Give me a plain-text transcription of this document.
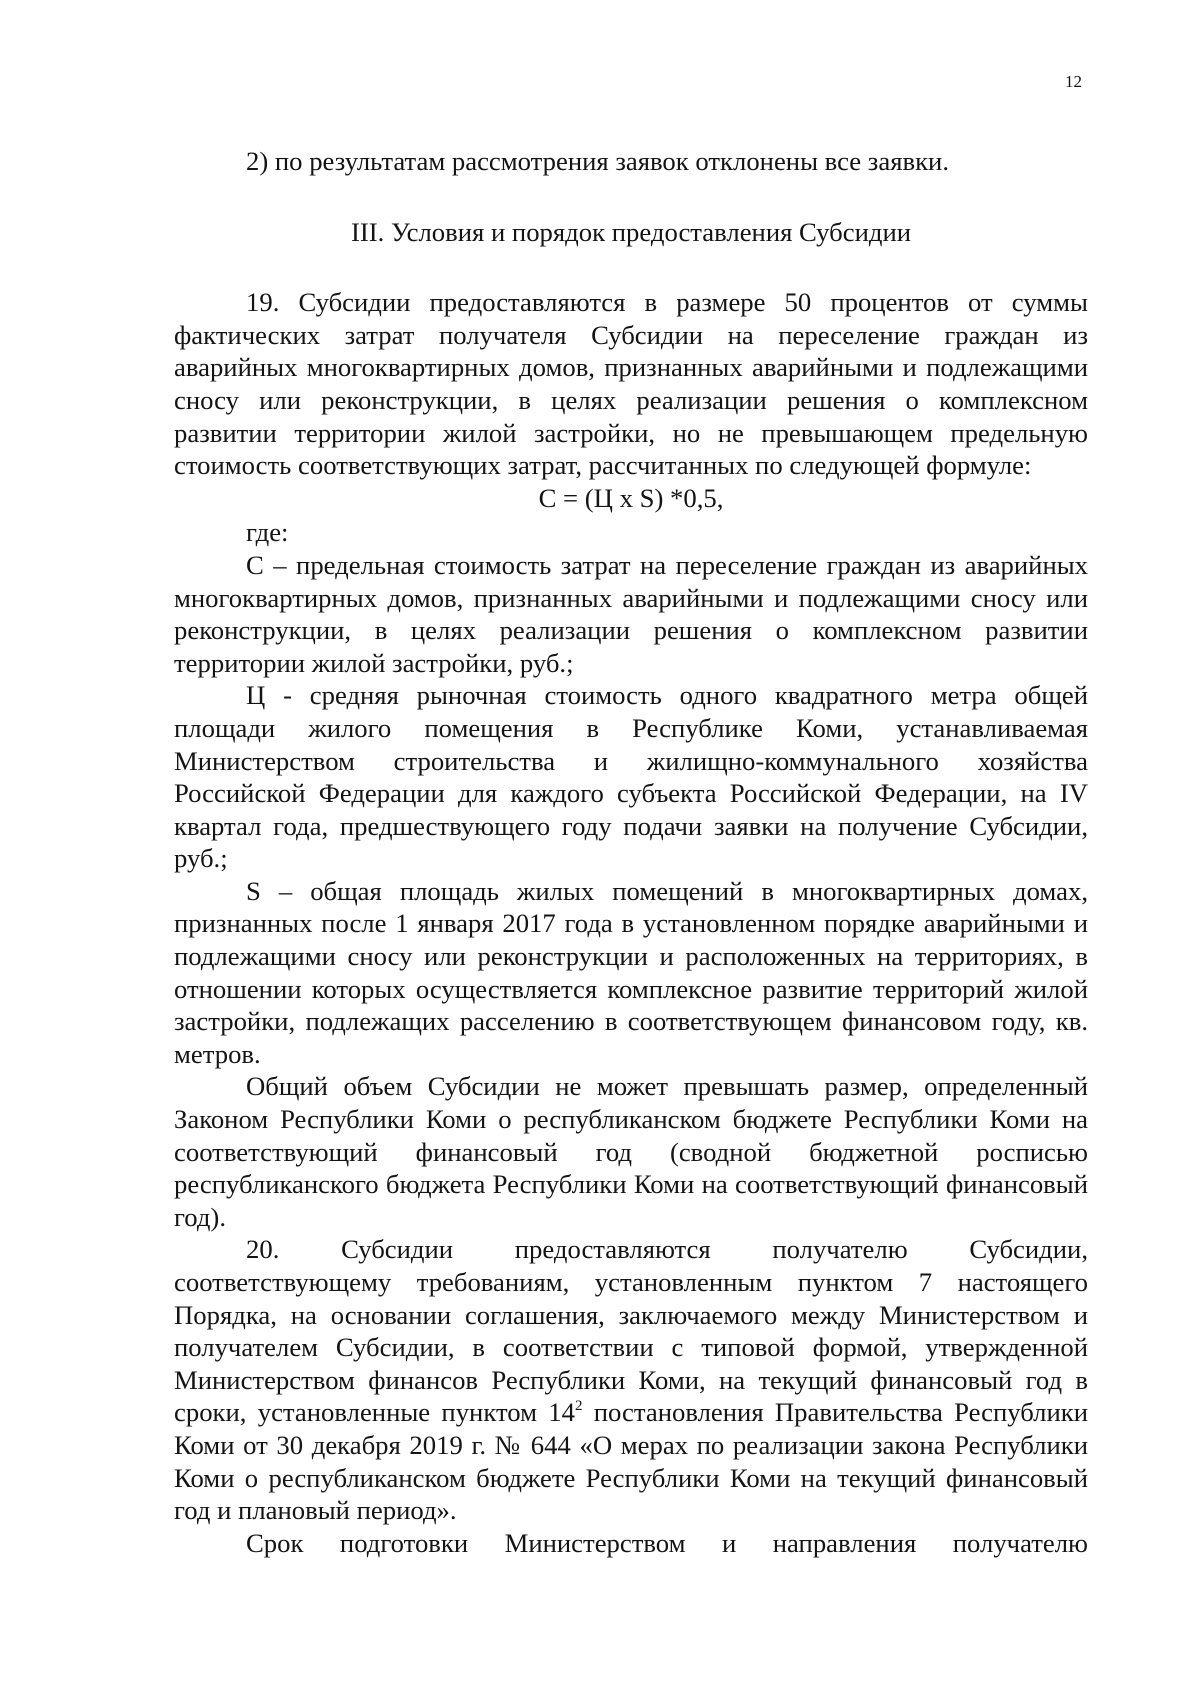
12

2) по результатам рассмотрения заявок отклонены все заявки.

III. Условия и порядок предоставления Субсидии

19. Субсидии предоставляются в размере 50 процентов от суммы фактических затрат получателя Субсидии на переселение граждан из аварийных многоквартирных домов, признанных аварийными и подлежащими сносу или реконструкции, в целях реализации решения о комплексном развитии территории жилой застройки, но не превышающем предельную стоимость соответствующих затрат, рассчитанных по следующей формуле:

C = (Ц x S) *0,5,

где:

C – предельная стоимость затрат на переселение граждан из аварийных многоквартирных домов, признанных аварийными и подлежащими сносу или реконструкции, в целях реализации решения о комплексном развитии территории жилой застройки, руб.;

Ц - средняя рыночная стоимость одного квадратного метра общей площади жилого помещения в Республике Коми, устанавливаемая Министерством строительства и жилищно-коммунального хозяйства Российской Федерации для каждого субъекта Российской Федерации, на IV квартал года, предшествующего году подачи заявки на получение Субсидии, руб.;

S – общая площадь жилых помещений в многоквартирных домах, признанных после 1 января 2017 года в установленном порядке аварийными и подлежащими сносу или реконструкции и расположенных на территориях, в отношении которых осуществляется комплексное развитие территорий жилой застройки, подлежащих расселению в соответствующем финансовом году, кв. метров.

Общий объем Субсидии не может превышать размер, определенный Законом Республики Коми о республиканском бюджете Республики Коми на соответствующий финансовый год (сводной бюджетной росписью республиканского бюджета Республики Коми на соответствующий финансовый год).

20. Субсидии предоставляются получателю Субсидии, соответствующему требованиям, установленным пунктом 7 настоящего Порядка, на основании соглашения, заключаемого между Министерством и получателем Субсидии, в соответствии с типовой формой, утвержденной Министерством финансов Республики Коми, на текущий финансовый год в сроки, установленные пунктом $14^2$ постановления Правительства Республики Коми от 30 декабря 2019 г. № 644 «О мерах по реализации закона Республики Коми о республиканском бюджете Республики Коми на текущий финансовый год и плановый период».

Срок подготовки Министерством и направления получателю
